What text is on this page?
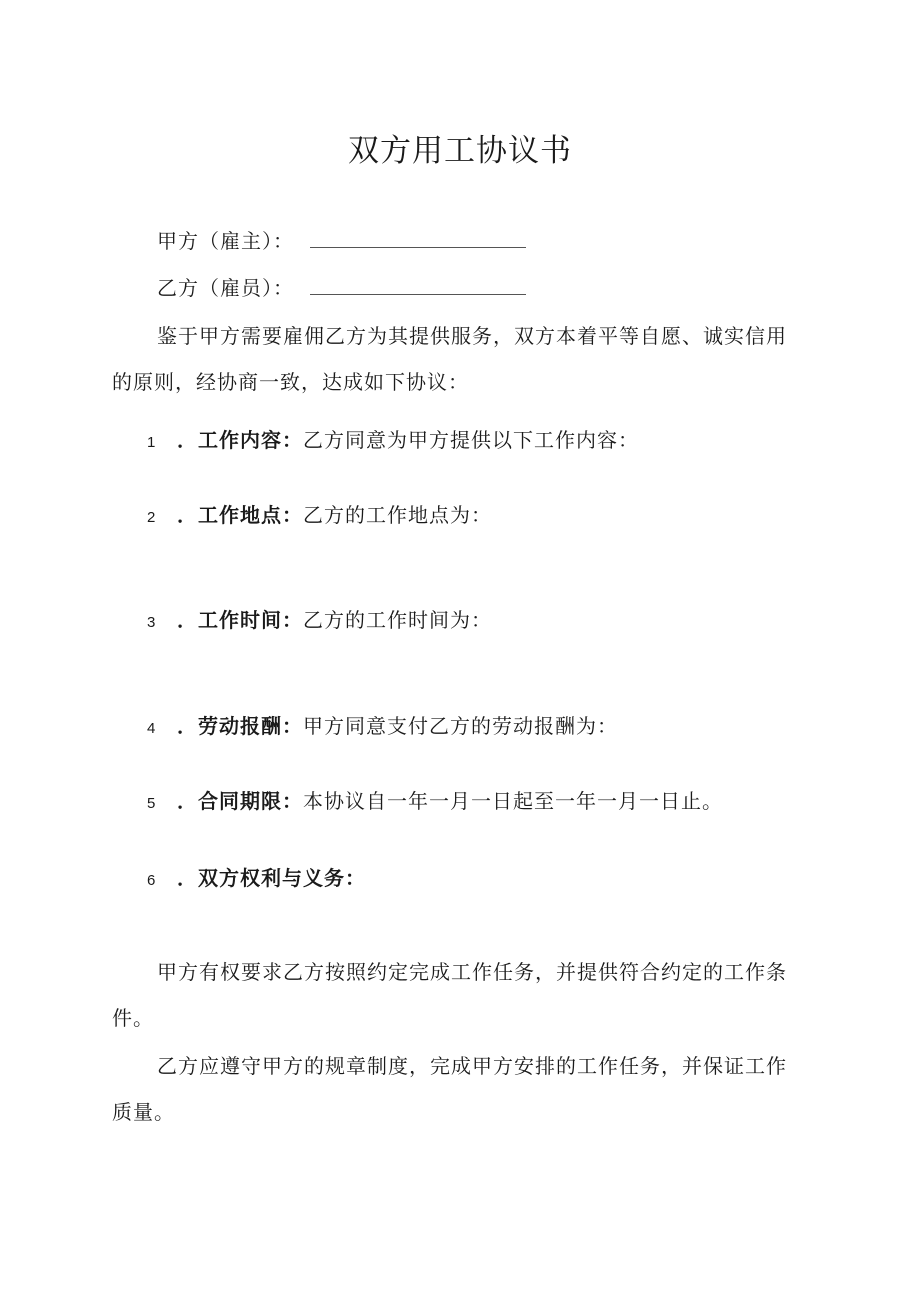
双方用工协议书
甲方（雇主）：
乙方（雇员）：
鉴于甲方需要雇佣乙方为其提供服务，双方本着平等自愿、诚实信用
的原则，经协商一致，达成如下协议：
1 ．工作内容：乙方同意为甲方提供以下工作内容：
2 ．工作地点：乙方的工作地点为：
3 ．工作时间：乙方的工作时间为：
4 ．劳动报酬：甲方同意支付乙方的劳动报酬为：
5 ．合同期限：本协议自一年一月一日起至一年一月一日止。
6 ．双方权利与义务：
甲方有权要求乙方按照约定完成工作任务，并提供符合约定的工作条
件。
乙方应遵守甲方的规章制度，完成甲方安排的工作任务，并保证工作
质量。
